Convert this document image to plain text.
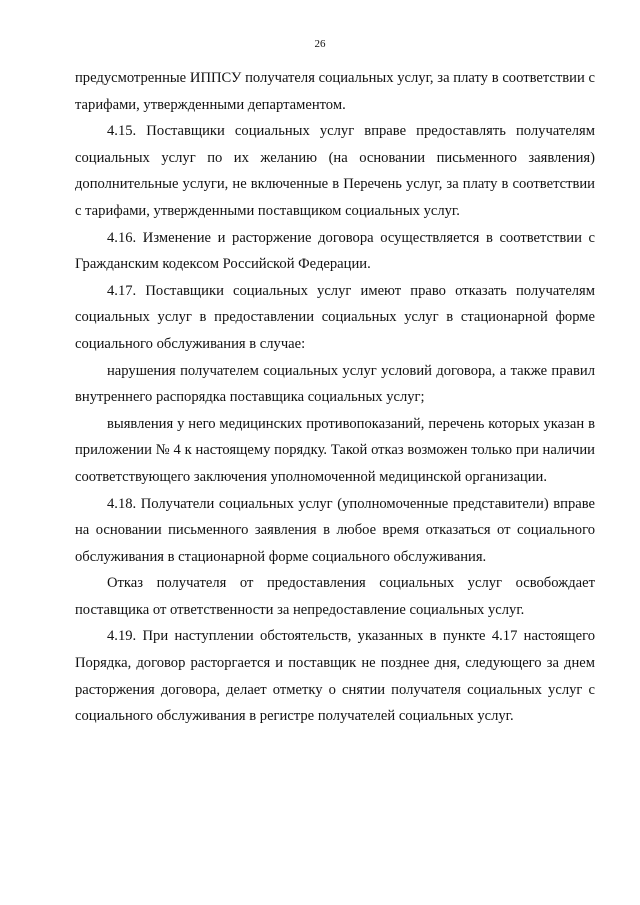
26

предусмотренные ИППСУ получателя социальных услуг, за плату в соответствии с тарифами, утвержденными департаментом.

4.15. Поставщики социальных услуг вправе предоставлять получателям социальных услуг по их желанию (на основании письменного заявления) дополнительные услуги, не включенные в Перечень услуг, за плату в соответствии с тарифами, утвержденными поставщиком социальных услуг.

4.16. Изменение и расторжение договора осуществляется в соответствии с Гражданским кодексом Российской Федерации.

4.17. Поставщики социальных услуг имеют право отказать получателям социальных услуг в предоставлении социальных услуг в стационарной форме социального обслуживания в случае:

нарушения получателем социальных услуг условий договора, а также правил внутреннего распорядка поставщика социальных услуг;

выявления у него медицинских противопоказаний, перечень которых указан в приложении № 4 к настоящему порядку. Такой отказ возможен только при наличии соответствующего заключения уполномоченной медицинской организации.

4.18. Получатели социальных услуг (уполномоченные представители) вправе на основании письменного заявления в любое время отказаться от социального обслуживания в стационарной форме социального обслуживания.

Отказ получателя от предоставления социальных услуг освобождает поставщика от ответственности за непредоставление социальных услуг.

4.19. При наступлении обстоятельств, указанных в пункте 4.17 настоящего Порядка, договор расторгается и поставщик не позднее дня, следующего за днем расторжения договора, делает отметку о снятии получателя социальных услуг с социального обслуживания в регистре получателей социальных услуг.
